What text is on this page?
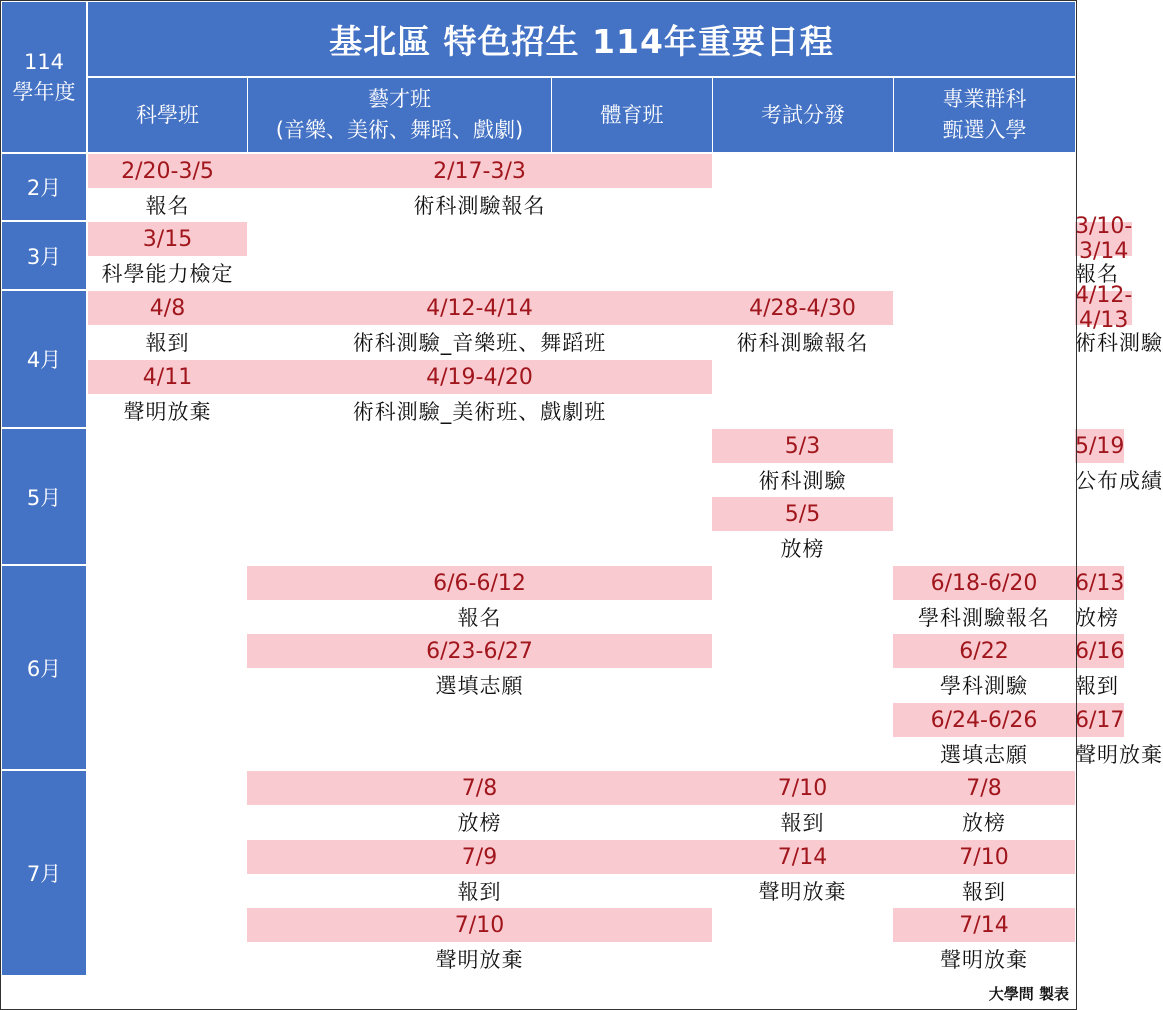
基北區 特色招生 114年重要日程
114
學年度
科學班
藝才班
(音樂、美術、舞蹈、戲劇)
體育班	考試分發
專業群科
甄選入學
2月
3月
4月
5月
6月
7月
2/20-3/5
報名
2/17-3/3
術科測驗報名
3/15
科學能力檢定
3/10-3/14
報名
4/8
報到
4/12-4/14
術科測驗_音樂班、舞蹈班
4/28-4/30
術科測驗報名
4/12-4/13
術科測驗
4/11
聲明放棄
4/19-4/20
術科測驗_美術班、戲劇班
5/3
術科測驗
5/19
公布成績
5/5
放榜
6/6-6/12
報名
6/18-6/20
學科測驗報名
6/13
放榜
6/23-6/27
選填志願
6/22
學科測驗
6/16
報到
6/24-6/26
選填志願
6/17
聲明放棄
7/8
放榜
7/10
報到
7/8
放榜
7/9
報到
7/14
聲明放棄
7/10
報到
7/10
聲明放棄
7/14
聲明放棄
大學問 製表
